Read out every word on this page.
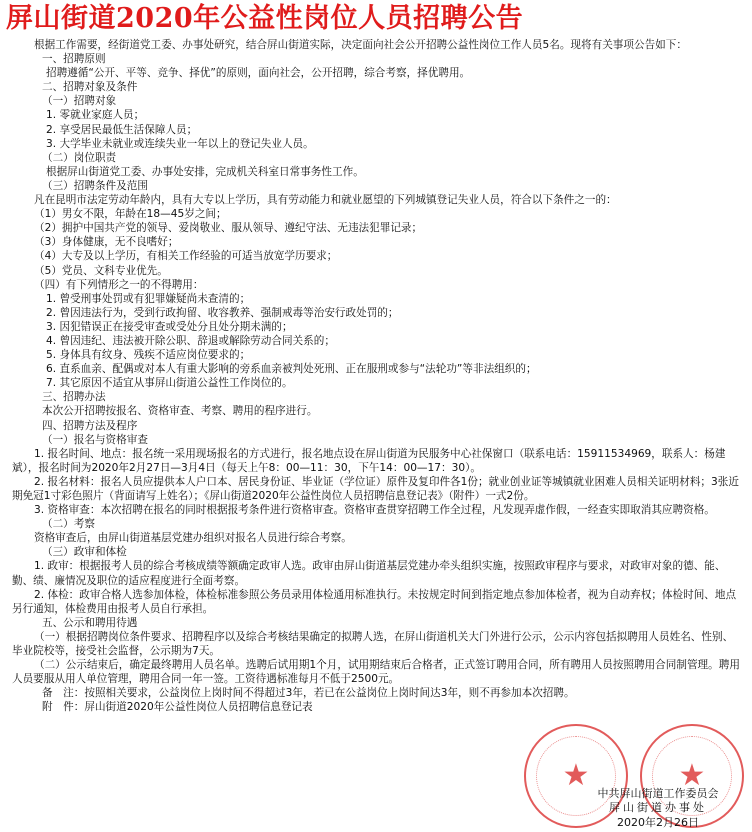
屏山街道2020年公益性岗位人员招聘公告

根据工作需要，经街道党工委、办事处研究，结合屏山街道实际，决定面向社会公开招聘公益性岗位工作人员5名。现将有关事项公告如下：

一、招聘原则

招聘遵循“公开、平等、竞争、择优”的原则，面向社会，公开招聘，综合考察，择优聘用。

二、招聘对象及条件

（一）招聘对象

1. 零就业家庭人员；

2. 享受居民最低生活保障人员；

3. 大学毕业未就业或连续失业一年以上的登记失业人员。

（二）岗位职责

根据屏山街道党工委、办事处安排，完成机关科室日常事务性工作。

（三）招聘条件及范围

凡在昆明市法定劳动年龄内，具有大专以上学历，具有劳动能力和就业愿望的下列城镇登记失业人员，符合以下条件之一的：

（1）男女不限，年龄在18—45岁之间；

（2）拥护中国共产党的领导、爱岗敬业、服从领导、遵纪守法、无违法犯罪记录；

（3）身体健康，无不良嗜好；

（4）大专及以上学历，有相关工作经验的可适当放宽学历要求；

（5）党员、文科专业优先。

（四）有下列情形之一的不得聘用：

1. 曾受刑事处罚或有犯罪嫌疑尚未查清的；

2. 曾因违法行为，受到行政拘留、收容教养、强制戒毒等治安行政处罚的；

3. 因犯错误正在接受审查或受处分且处分期未满的；

4. 曾因违纪、违法被开除公职、辞退或解除劳动合同关系的；

5. 身体具有纹身、残疾不适应岗位要求的；

6. 直系血亲、配偶或对本人有重大影响的旁系血亲被判处死刑、正在服刑或参与“法轮功”等非法组织的；

7. 其它原因不适宜从事屏山街道公益性工作岗位的。

三、招聘办法

本次公开招聘按报名、资格审查、考察、聘用的程序进行。

四、招聘方法及程序

（一）报名与资格审查

1. 报名时间、地点：报名统一采用现场报名的方式进行，报名地点设在屏山街道为民服务中心社保窗口（联系电话：15911534969，联系人：杨建斌），报名时间为2020年2月27日—3月4日（每天上午8：00—11：30，下午14：00—17：30）。

2. 报名材料：报名人员应提供本人户口本、居民身份证、毕业证（学位证）原件及复印件各1份；就业创业证等城镇就业困难人员相关证明材料；3张近期免冠1寸彩色照片（背面请写上姓名）；《屏山街道2020年公益性岗位人员招聘信息登记表》（附件）一式2份。

3. 资格审查：本次招聘在报名的同时根据报考条件进行资格审查。资格审查贯穿招聘工作全过程，凡发现弄虚作假，一经查实即取消其应聘资格。

（二）考察

资格审查后，由屏山街道基层党建办组织对报名人员进行综合考察。

（三）政审和体检

1. 政审：根据报考人员的综合考核成绩等额确定政审人选。政审由屏山街道基层党建办牵头组织实施，按照政审程序与要求，对政审对象的德、能、勤、绩、廉情况及职位的适应程度进行全面考察。

2. 体检：政审合格人选参加体检，体检标准参照公务员录用体检通用标准执行。未按规定时间到指定地点参加体检者，视为自动弃权；体检时间、地点另行通知，体检费用由报考人员自行承担。

五、公示和聘用待遇

（一）根据招聘岗位条件要求、招聘程序以及综合考核结果确定的拟聘人选，在屏山街道机关大门外进行公示，公示内容包括拟聘用人员姓名、性别、毕业院校等，接受社会监督，公示期为7天。

（二）公示结束后，确定最终聘用人员名单。选聘后试用期1个月，试用期结束后合格者，正式签订聘用合同，所有聘用人员按照聘用合同制管理。聘用人员要服从用人单位管理，聘用合同一年一签。工资待遇标准每月不低于2500元。

备　注：按照相关要求，公益岗位上岗时间不得超过3年，若已在公益岗位上岗时间达3年，则不再参加本次招聘。

附　件：屏山街道2020年公益性岗位人员招聘信息登记表

★	★
中共屏山街道工作委员会
屏山街道办事处
2020年2月26日
